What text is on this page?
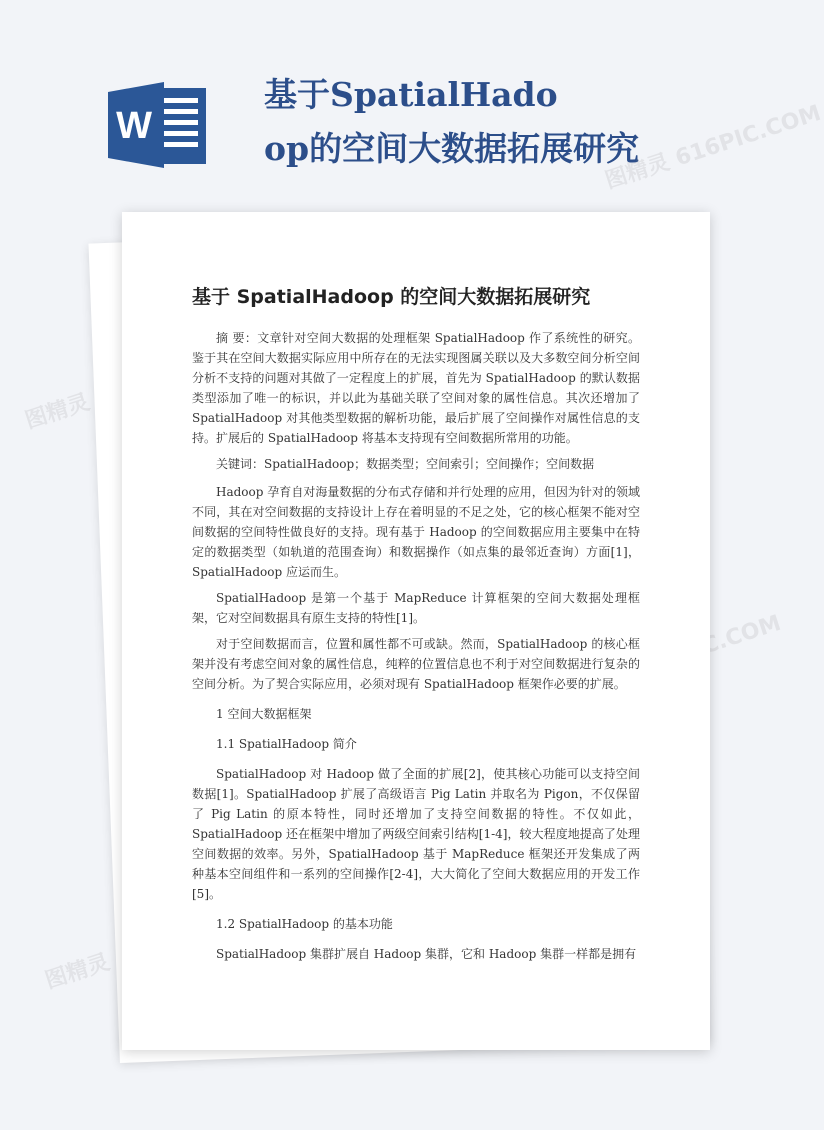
W
基于SpatialHado
op的空间大数据拓展研究
图精灵 616PIC.COM
图精灵
图精灵
基于 SpatialHadoop 的空间大数据拓展研究

摘 要：文章针对空间大数据的处理框架 SpatialHadoop 作了系统性的研究。鉴于其在空间大数据实际应用中所存在的无法实现图属关联以及大多数空间分析空间分析不支持的问题对其做了一定程度上的扩展，首先为 SpatialHadoop 的默认数据类型添加了唯一的标识，并以此为基础关联了空间对象的属性信息。其次还增加了 SpatialHadoop 对其他类型数据的解析功能，最后扩展了空间操作对属性信息的支持。扩展后的 SpatialHadoop 将基本支持现有空间数据所常用的功能。

关键词：SpatialHadoop；数据类型；空间索引；空间操作；空间数据

Hadoop 孕育自对海量数据的分布式存储和并行处理的应用，但因为针对的领域不同，其在对空间数据的支持设计上存在着明显的不足之处，它的核心框架不能对空间数据的空间特性做良好的支持。现有基于 Hadoop 的空间数据应用主要集中在特定的数据类型（如轨道的范围查询）和数据操作（如点集的最邻近查询）方面[1]，SpatialHadoop 应运而生。

SpatialHadoop 是第一个基于 MapReduce 计算框架的空间大数据处理框架，它对空间数据具有原生支持的特性[1]。

对于空间数据而言，位置和属性都不可或缺。然而，SpatialHadoop 的核心框架并没有考虑空间对象的属性信息，纯粹的位置信息也不利于对空间数据进行复杂的空间分析。为了契合实际应用，必须对现有 SpatialHadoop 框架作必要的扩展。

1 空间大数据框架

1.1 SpatialHadoop 简介

SpatialHadoop 对 Hadoop 做了全面的扩展[2]，使其核心功能可以支持空间数据[1]。SpatialHadoop 扩展了高级语言 Pig Latin 并取名为 Pigon，不仅保留了 Pig Latin 的原本特性，同时还增加了支持空间数据的特性。不仅如此，SpatialHadoop 还在框架中增加了两级空间索引结构[1-4]，较大程度地提高了处理空间数据的效率。另外，SpatialHadoop 基于 MapReduce 框架还开发集成了两种基本空间组件和一系列的空间操作[2-4]，大大简化了空间大数据应用的开发工作[5]。

1.2 SpatialHadoop 的基本功能

SpatialHadoop 集群扩展自 Hadoop 集群，它和 Hadoop 集群一样都是拥有
